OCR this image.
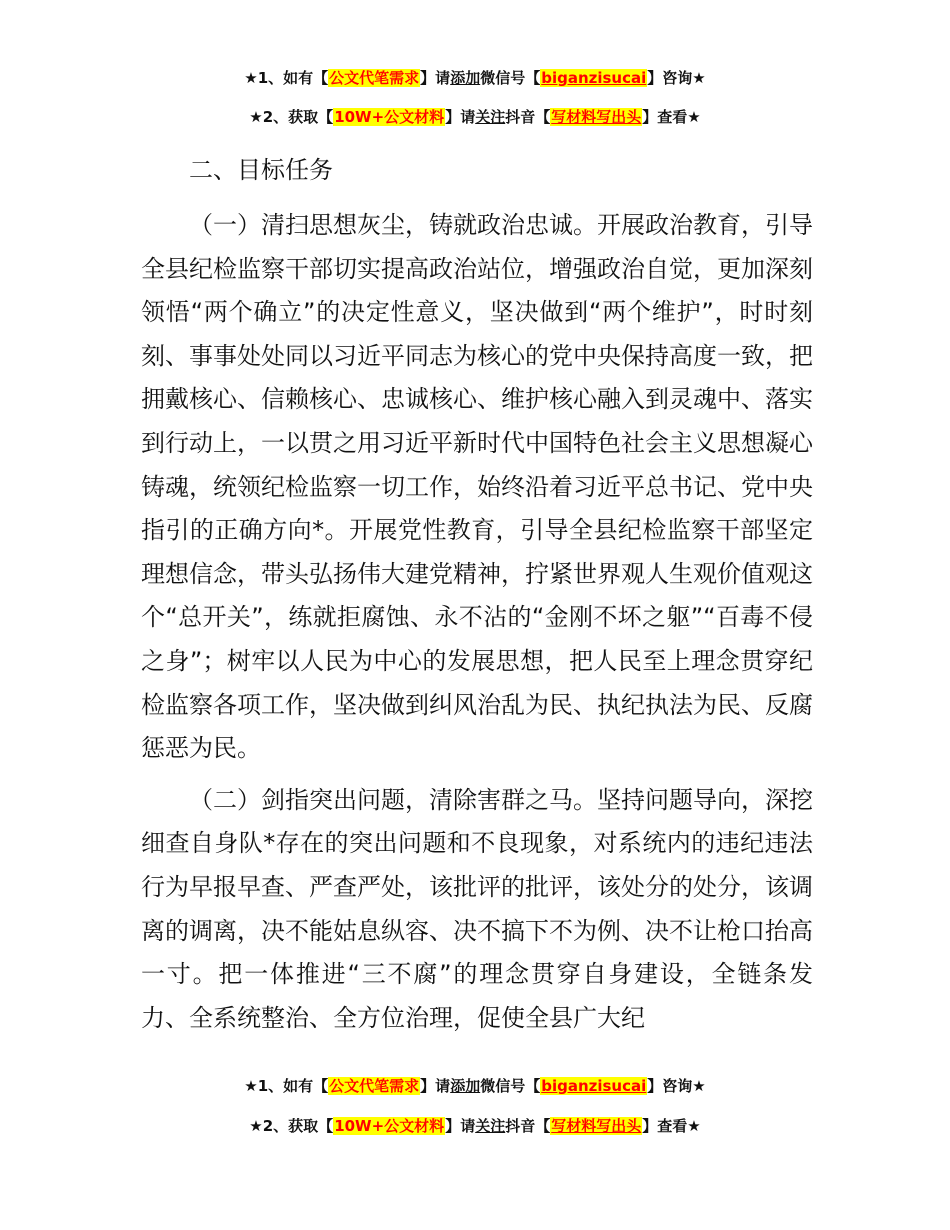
★1、如有【公文代笔需求】请添加微信号【biganzisucai】咨询★
★2、获取【10W+公文材料】请关注抖音【写材料写出头】查看★
二、目标任务

（一）清扫思想灰尘，铸就政治忠诚。开展政治教育，引导全县纪检监察干部切实提高政治站位，增强政治自觉，更加深刻领悟“两个确立”的决定性意义，坚决做到“两个维护”，时时刻刻、事事处处同以习近平同志为核心的党中央保持高度一致，把拥戴核心、信赖核心、忠诚核心、维护核心融入到灵魂中、落实到行动上，一以贯之用习近平新时代中国特色社会主义思想凝心铸魂，统领纪检监察一切工作，始终沿着习近平总书记、党中央指引的正确方向*。开展党性教育，引导全县纪检监察干部坚定理想信念，带头弘扬伟大建党精神，拧紧世界观人生观价值观这个“总开关”，练就拒腐蚀、永不沾的“金刚不坏之躯”“百毒不侵之身”；树牢以人民为中心的发展思想，把人民至上理念贯穿纪检监察各项工作，坚决做到纠风治乱为民、执纪执法为民、反腐惩恶为民。

（二）剑指突出问题，清除害群之马。坚持问题导向，深挖细查自身队*存在的突出问题和不良现象，对系统内的违纪违法行为早报早查、严查严处，该批评的批评，该处分的处分，该调离的调离，决不能姑息纵容、决不搞下不为例、决不让枪口抬高一寸。把一体推进“三不腐”的理念贯穿自身建设，全链条发力、全系统整治、全方位治理，促使全县广大纪

★1、如有【公文代笔需求】请添加微信号【biganzisucai】咨询★
★2、获取【10W+公文材料】请关注抖音【写材料写出头】查看★
